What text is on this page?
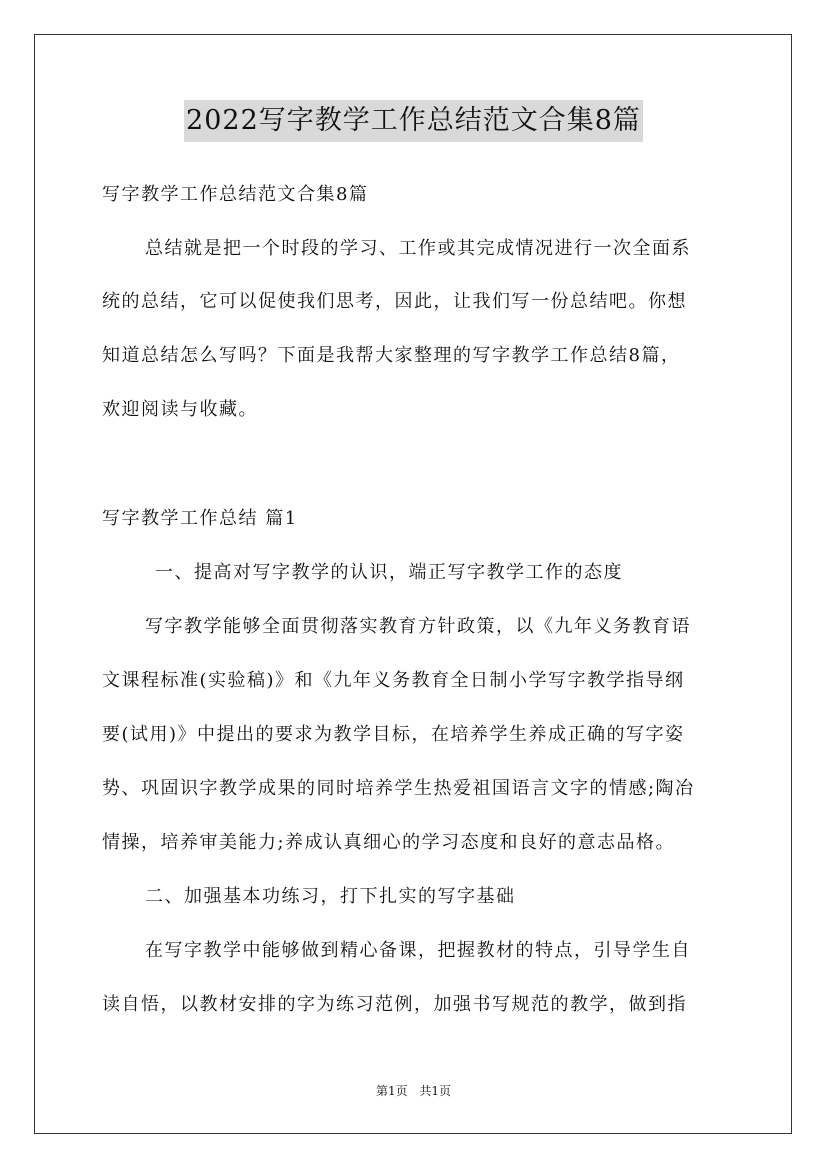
2022写字教学工作总结范文合集8篇
写字教学工作总结范文合集8篇
总结就是把一个时段的学习、工作或其完成情况进行一次全面系
统的总结，它可以促使我们思考，因此，让我们写一份总结吧。你想
知道总结怎么写吗？下面是我帮大家整理的写字教学工作总结8篇，
欢迎阅读与收藏。
写字教学工作总结 篇1
一、提高对写字教学的认识，端正写字教学工作的态度
写字教学能够全面贯彻落实教育方针政策，以《九年义务教育语
文课程标准(实验稿)》和《九年义务教育全日制小学写字教学指导纲
要(试用)》中提出的要求为教学目标，在培养学生养成正确的写字姿
势、巩固识字教学成果的同时培养学生热爱祖国语言文字的情感;陶冶
情操，培养审美能力;养成认真细心的学习态度和良好的意志品格。
二、加强基本功练习，打下扎实的写字基础
在写字教学中能够做到精心备课，把握教材的特点，引导学生自
读自悟，以教材安排的字为练习范例，加强书写规范的教学，做到指
第1页 共1页
